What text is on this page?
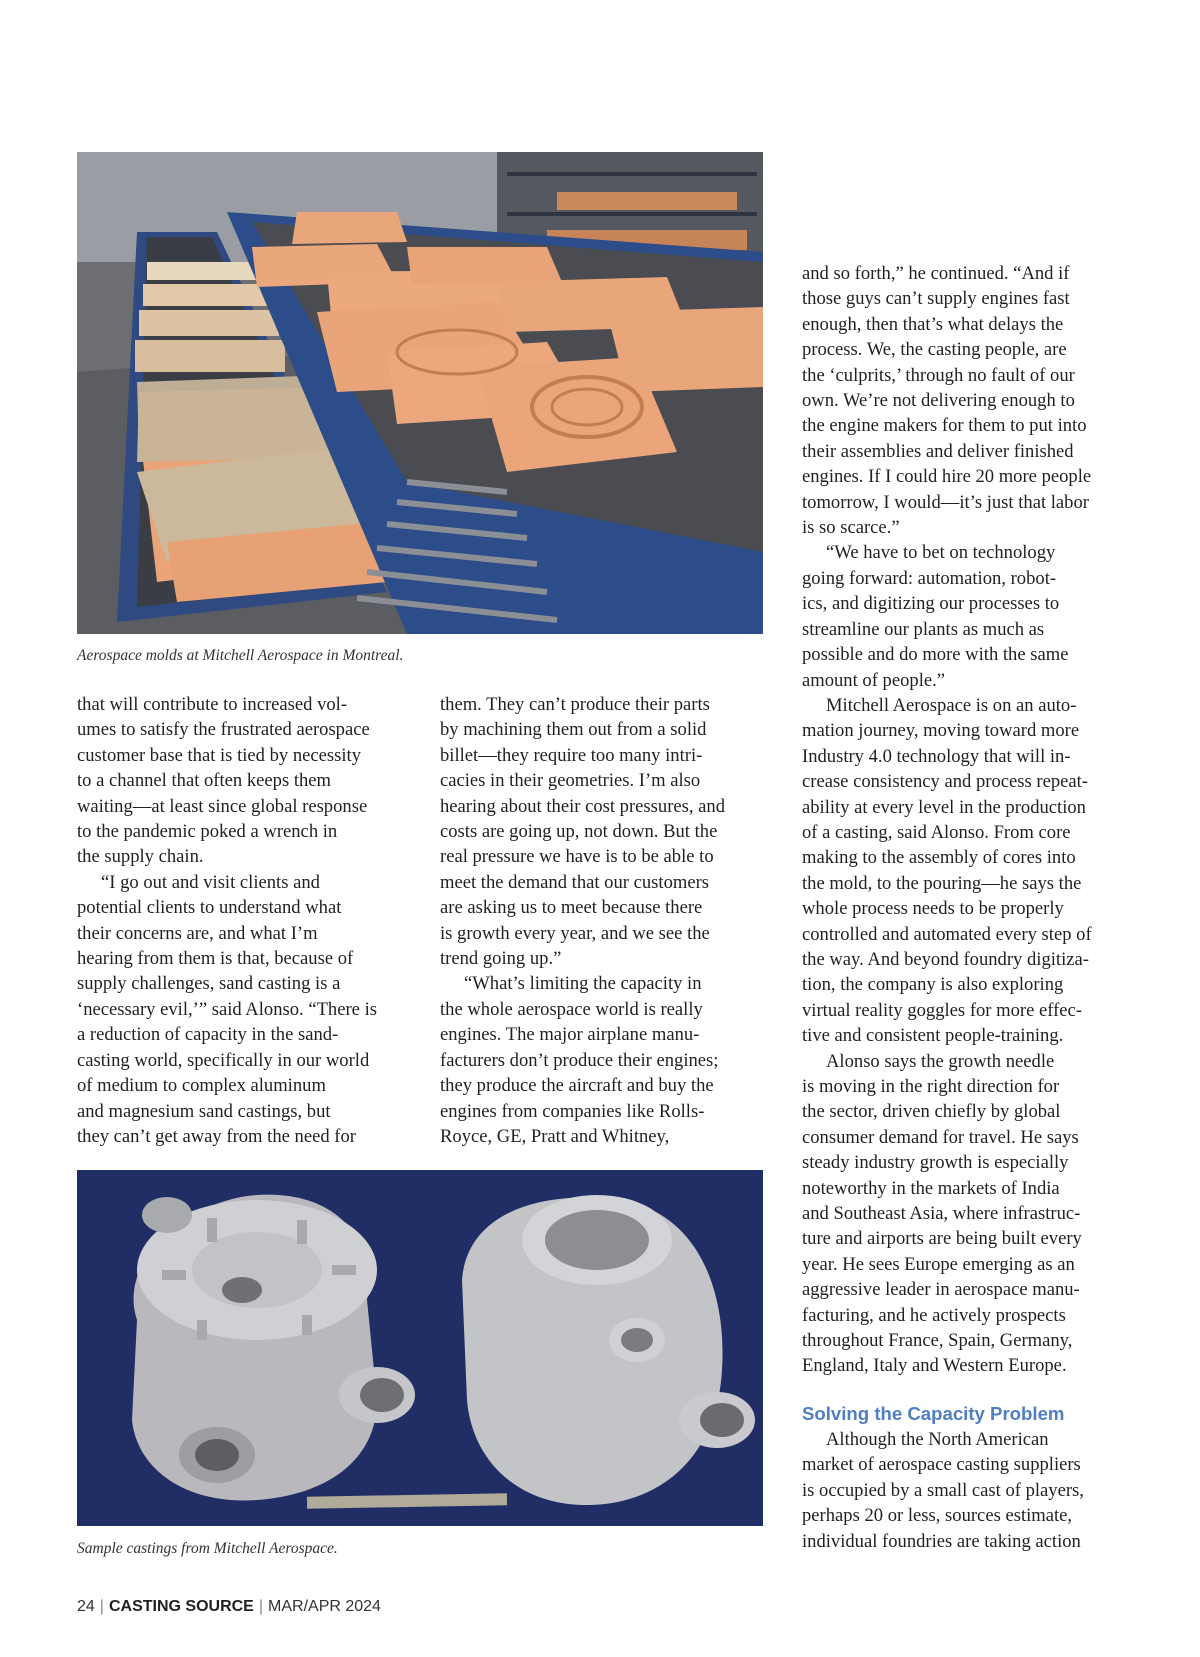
Aerospace molds at Mitchell Aerospace in Montreal.

that will contribute to increased vol-
umes to satisfy the frustrated aerospace
customer base that is tied by necessity
to a channel that often keeps them
waiting—at least since global response
to the pandemic poked a wrench in
the supply chain.

“I go out and visit clients and
potential clients to understand what
their concerns are, and what I’m
hearing from them is that, because of
supply challenges, sand casting is a
‘necessary evil,’” said Alonso. “There is
a reduction of capacity in the sand-
casting world, specifically in our world
of medium to complex aluminum
and magnesium sand castings, but
they can’t get away from the need for

them. They can’t produce their parts
by machining them out from a solid
billet—they require too many intri-
cacies in their geometries. I’m also
hearing about their cost pressures, and
costs are going up, not down. But the
real pressure we have is to be able to
meet the demand that our customers
are asking us to meet because there
is growth every year, and we see the
trend going up.”

“What’s limiting the capacity in
the whole aerospace world is really
engines. The major airplane manu-
facturers don’t produce their engines;
they produce the aircraft and buy the
engines from companies like Rolls-
Royce, GE, Pratt and Whitney,

Sample castings from Mitchell Aerospace.

and so forth,” he continued. “And if
those guys can’t supply engines fast
enough, then that’s what delays the
process. We, the casting people, are
the ‘culprits,’ through no fault of our
own. We’re not delivering enough to
the engine makers for them to put into
their assemblies and deliver finished
engines. If I could hire 20 more people
tomorrow, I would—it’s just that labor
is so scarce.”

“We have to bet on technology
going forward: automation, robot-
ics, and digitizing our processes to
streamline our plants as much as
possible and do more with the same
amount of people.”

Mitchell Aerospace is on an auto-
mation journey, moving toward more
Industry 4.0 technology that will in-
crease consistency and process repeat-
ability at every level in the production
of a casting, said Alonso. From core
making to the assembly of cores into
the mold, to the pouring—he says the
whole process needs to be properly
controlled and automated every step of
the way. And beyond foundry digitiza-
tion, the company is also exploring
virtual reality goggles for more effec-
tive and consistent people-training.

Alonso says the growth needle
is moving in the right direction for
the sector, driven chiefly by global
consumer demand for travel. He says
steady industry growth is especially
noteworthy in the markets of India
and Southeast Asia, where infrastruc-
ture and airports are being built every
year. He sees Europe emerging as an
aggressive leader in aerospace manu-
facturing, and he actively prospects
throughout France, Spain, Germany,
England, Italy and Western Europe.

Solving the Capacity Problem

Although the North American
market of aerospace casting suppliers
is occupied by a small cast of players,
perhaps 20 or less, sources estimate,
individual foundries are taking action

24 | CASTING SOURCE | MAR/APR 2024
